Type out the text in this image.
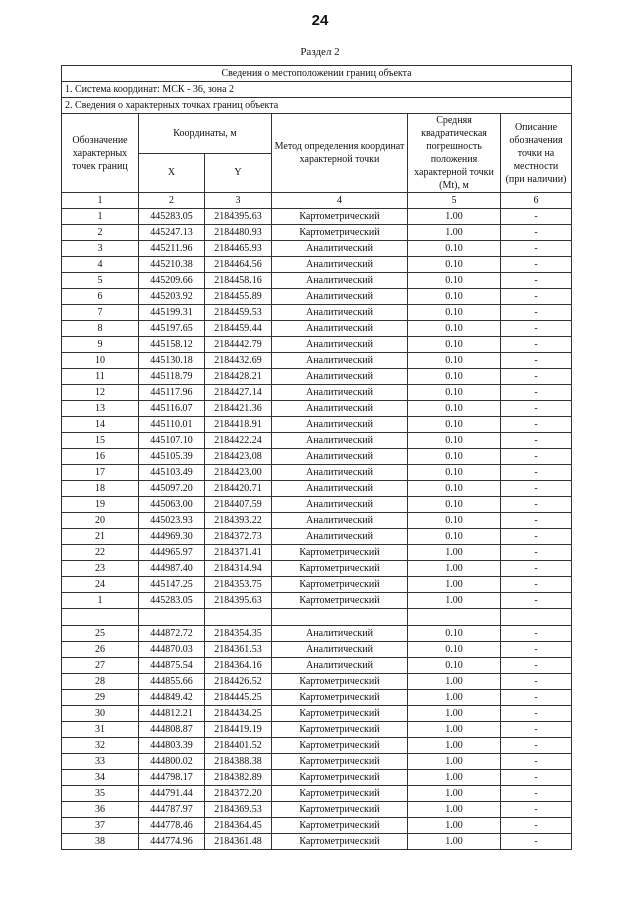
24
Раздел 2
Сведения о местоположении границ объекта					
1. Система координат: МСК - 36, зона 2					
2. Сведения о характерных точках границ объекта					
Обозначение характерных точек границ	Координаты, м		Метод определения координат характерной точки	Средняя квадратическая погрешность положения характерной точки (Mt), м	Описание обозначения точки на местности (при наличии)
	X	Y			
1	2	3	4	5	6
1	445283.05	2184395.63	Картометрический	1.00	-
2	445247.13	2184480.93	Картометрический	1.00	-
3	445211.96	2184465.93	Аналитический	0.10	-
4	445210.38	2184464.56	Аналитический	0.10	-
5	445209.66	2184458.16	Аналитический	0.10	-
6	445203.92	2184455.89	Аналитический	0.10	-
7	445199.31	2184459.53	Аналитический	0.10	-
8	445197.65	2184459.44	Аналитический	0.10	-
9	445158.12	2184442.79	Аналитический	0.10	-
10	445130.18	2184432.69	Аналитический	0.10	-
11	445118.79	2184428.21	Аналитический	0.10	-
12	445117.96	2184427.14	Аналитический	0.10	-
13	445116.07	2184421.36	Аналитический	0.10	-
14	445110.01	2184418.91	Аналитический	0.10	-
15	445107.10	2184422.24	Аналитический	0.10	-
16	445105.39	2184423.08	Аналитический	0.10	-
17	445103.49	2184423.00	Аналитический	0.10	-
18	445097.20	2184420.71	Аналитический	0.10	-
19	445063.00	2184407.59	Аналитический	0.10	-
20	445023.93	2184393.22	Аналитический	0.10	-
21	444969.30	2184372.73	Аналитический	0.10	-
22	444965.97	2184371.41	Картометрический	1.00	-
23	444987.40	2184314.94	Картометрический	1.00	-
24	445147.25	2184353.75	Картометрический	1.00	-
1	445283.05	2184395.63	Картометрический	1.00	-

25	444872.72	2184354.35	Аналитический	0.10	-
26	444870.03	2184361.53	Аналитический	0.10	-
27	444875.54	2184364.16	Аналитический	0.10	-
28	444855.66	2184426.52	Картометрический	1.00	-
29	444849.42	2184445.25	Картометрический	1.00	-
30	444812.21	2184434.25	Картометрический	1.00	-
31	444808.87	2184419.19	Картометрический	1.00	-
32	444803.39	2184401.52	Картометрический	1.00	-
33	444800.02	2184388.38	Картометрический	1.00	-
34	444798.17	2184382.89	Картометрический	1.00	-
35	444791.44	2184372.20	Картометрический	1.00	-
36	444787.97	2184369.53	Картометрический	1.00	-
37	444778.46	2184364.45	Картометрический	1.00	-
38	444774.96	2184361.48	Картометрический	1.00	-
